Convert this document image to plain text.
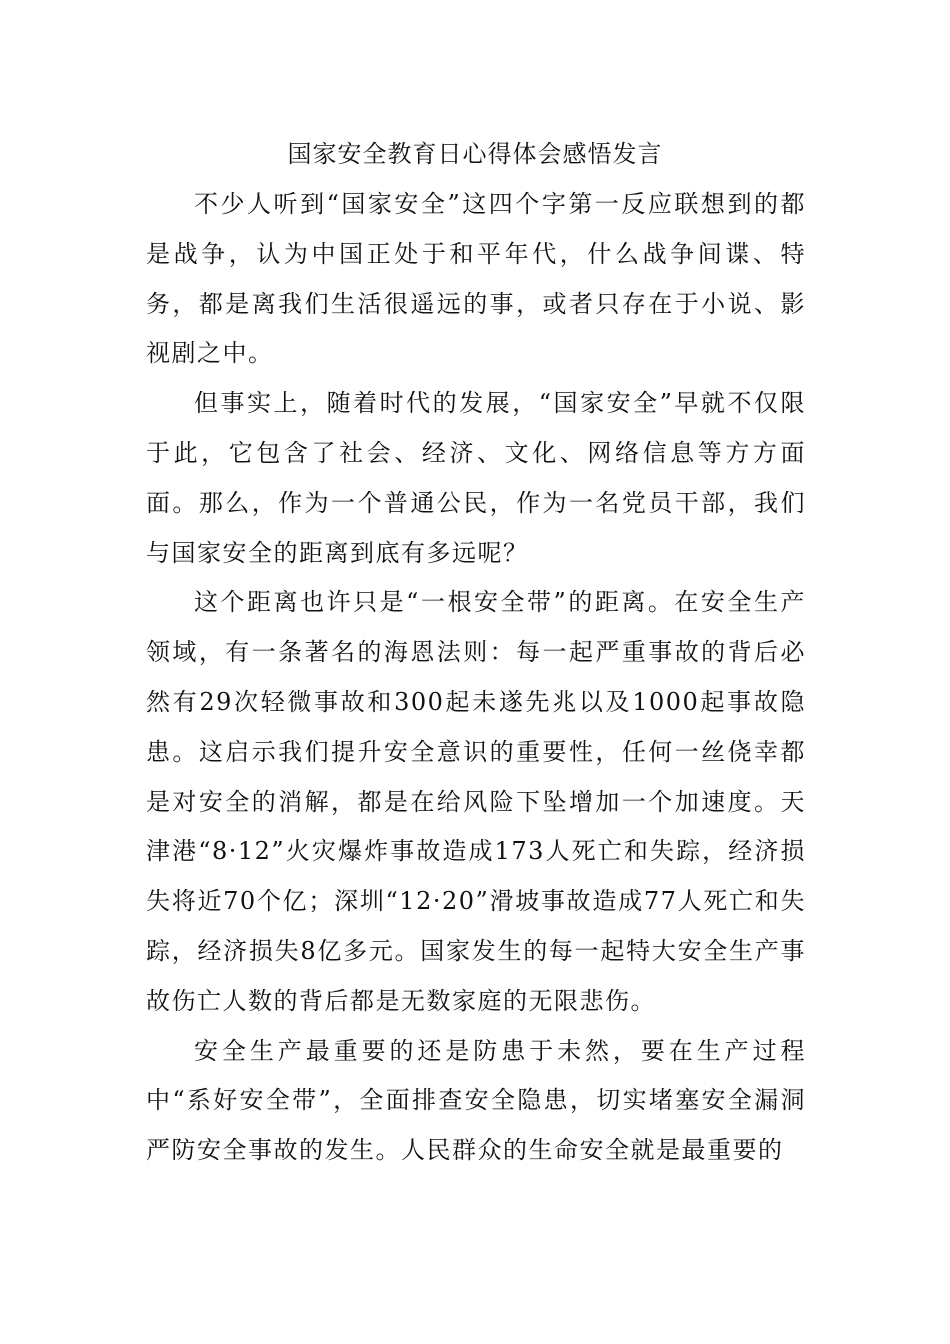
国家安全教育日心得体会感悟发言

不少人听到“国家安全”这四个字第一反应联想到的都是战争，认为中国正处于和平年代，什么战争间谍、特务，都是离我们生活很遥远的事，或者只存在于小说、影视剧之中。

但事实上，随着时代的发展，“国家安全”早就不仅限于此，它包含了社会、经济、文化、网络信息等方方面面。那么，作为一个普通公民，作为一名党员干部，我们与国家安全的距离到底有多远呢？

这个距离也许只是“一根安全带”的距离。在安全生产领域，有一条著名的海恩法则：每一起严重事故的背后必然有29次轻微事故和300起未遂先兆以及1000起事故隐患。这启示我们提升安全意识的重要性，任何一丝侥幸都是对安全的消解，都是在给风险下坠增加一个加速度。天津港“8·12”火灾爆炸事故造成173人死亡和失踪，经济损失将近70个亿；深圳“12·20”滑坡事故造成77人死亡和失踪，经济损失8亿多元。国家发生的每一起特大安全生产事故伤亡人数的背后都是无数家庭的无限悲伤。

安全生产最重要的还是防患于未然，要在生产过程中“系好安全带”，全面排查安全隐患，切实堵塞安全漏洞严防安全事故的发生。人民群众的生命安全就是最重要的
